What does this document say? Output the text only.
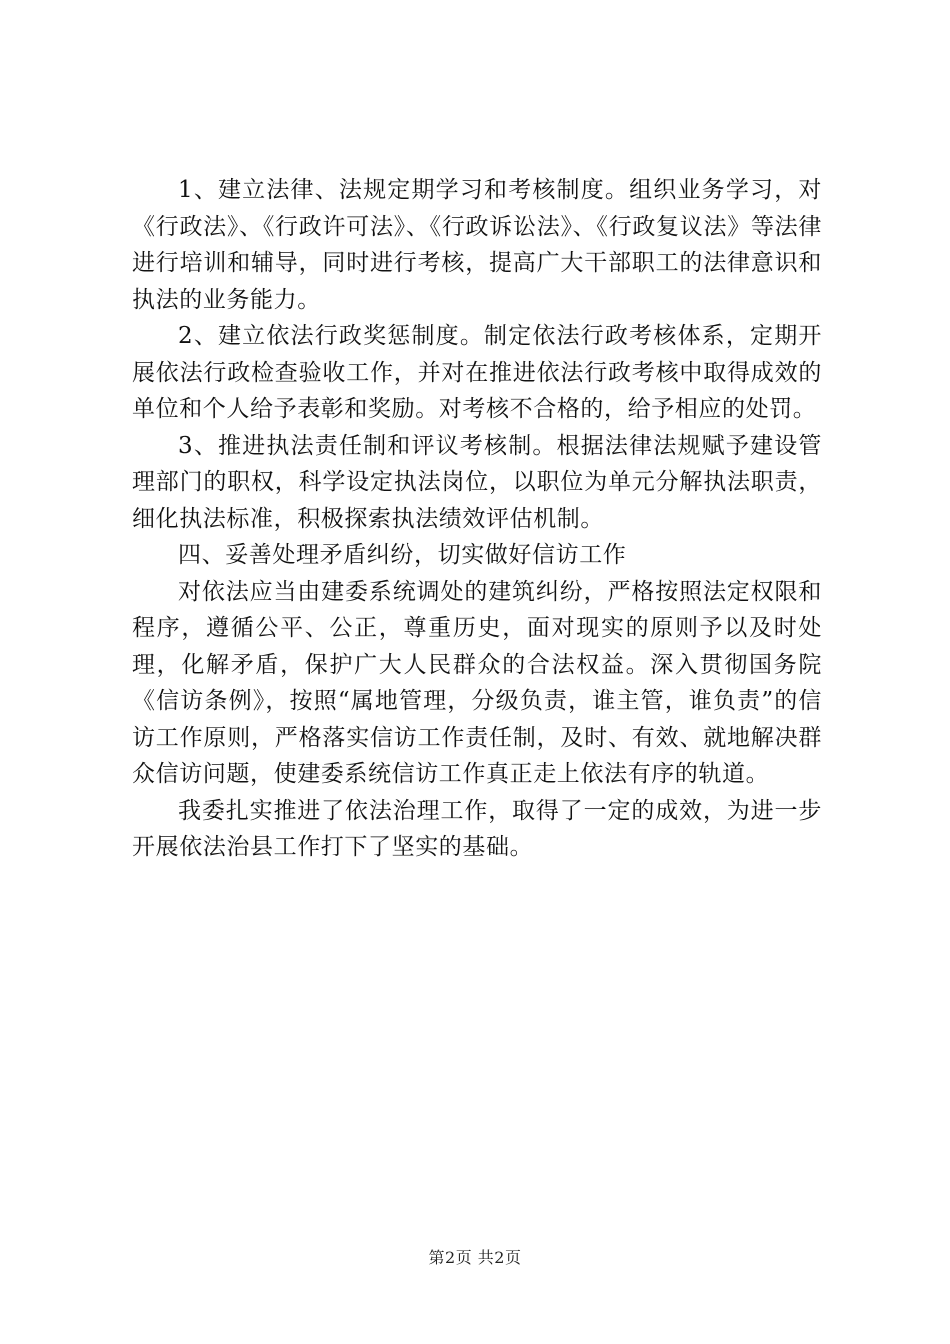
1、建立法律、法规定期学习和考核制度。组织业务学习，对《行政法》、《行政许可法》、《行政诉讼法》、《行政复议法》等法律进行培训和辅导，同时进行考核，提高广大干部职工的法律意识和执法的业务能力。

2、建立依法行政奖惩制度。制定依法行政考核体系，定期开展依法行政检查验收工作，并对在推进依法行政考核中取得成效的单位和个人给予表彰和奖励。对考核不合格的，给予相应的处罚。

3、推进执法责任制和评议考核制。根据法律法规赋予建设管理部门的职权，科学设定执法岗位，以职位为单元分解执法职责，细化执法标准，积极探索执法绩效评估机制。

四、妥善处理矛盾纠纷，切实做好信访工作

对依法应当由建委系统调处的建筑纠纷，严格按照法定权限和程序，遵循公平、公正，尊重历史，面对现实的原则予以及时处理，化解矛盾，保护广大人民群众的合法权益。深入贯彻国务院《信访条例》，按照“属地管理，分级负责，谁主管，谁负责”的信访工作原则，严格落实信访工作责任制，及时、有效、就地解决群众信访问题，使建委系统信访工作真正走上依法有序的轨道。

我委扎实推进了依法治理工作，取得了一定的成效，为进一步开展依法治县工作打下了坚实的基础。

第2页 共2页
